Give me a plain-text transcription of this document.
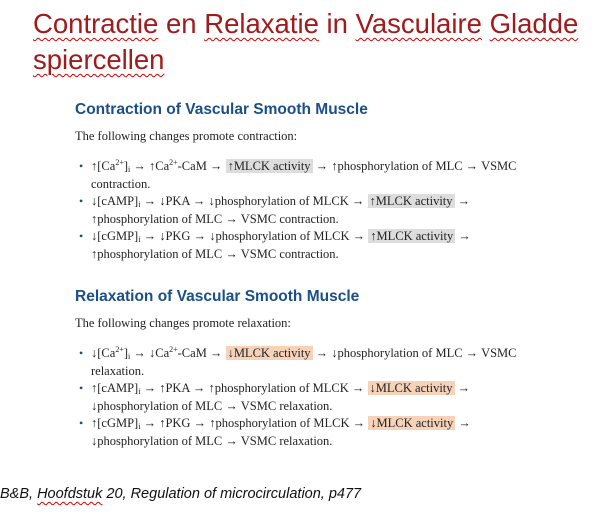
Contractie en Relaxatie in Vasculaire Gladde
spiercellen
Contraction of Vascular Smooth Muscle

The following changes promote contraction:

• $↑[Ca^{2+}]_i$ → $↑Ca^{2+}$-CaM → ↑MLCK activity → ↑phosphorylation of MLC → VSMC contraction.
• $↓[cAMP]_i$ → ↓PKA → ↓phosphorylation of MLCK → ↑MLCK activity → ↑phosphorylation of MLC → VSMC contraction.
• $↓[cGMP]_i$ → ↓PKG → ↓phosphorylation of MLCK → ↑MLCK activity → ↑phosphorylation of MLC → VSMC contraction.
Relaxation of Vascular Smooth Muscle

The following changes promote relaxation:

• $↓[Ca^{2+}]_i$ → $↓Ca^{2+}$-CaM → ↓MLCK activity → ↓phosphorylation of MLC → VSMC relaxation.
• $↑[cAMP]_i$ → ↑PKA → ↑phosphorylation of MLCK → ↓MLCK activity → ↓phosphorylation of MLC → VSMC relaxation.
• $↑[cGMP]_i$ → ↑PKG → ↑phosphorylation of MLCK → ↓MLCK activity → ↓phosphorylation of MLC → VSMC relaxation.
B&B, Hoofdstuk 20, Regulation of microcirculation, p477
